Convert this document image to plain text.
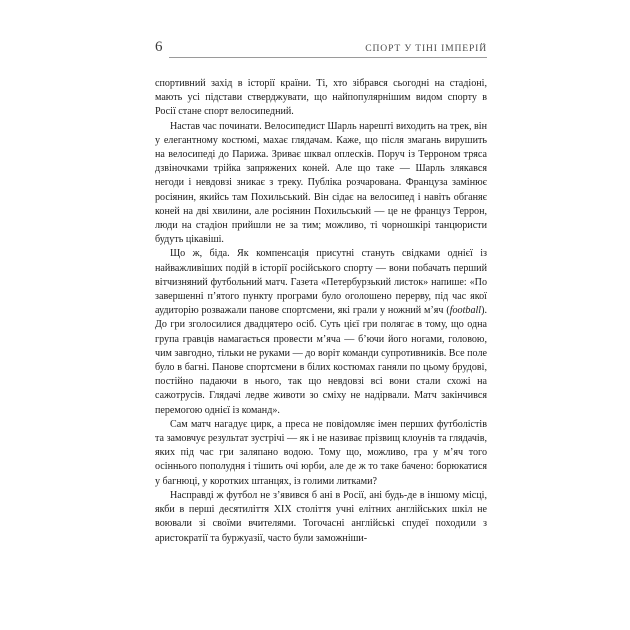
6	СПОРТ У ТІНІ ІМПЕРІЙ

спортивний захід в історії країни. Ті, хто зібрався сьогодні на стадіоні, мають усі підстави стверджувати, що найпопулярнішим видом спорту в Росії стане спорт велосипедний.

Настав час починати. Велосипедист Шарль нарешті виходить на трек, він у елегантному костюмі, махає глядачам. Каже, що після змагань вирушить на велосипеді до Парижа. Зриває шквал оплесків. Поруч із Терроном тряса дзвіночками трійка запряжених коней. Але що таке — Шарль злякався негоди і невдовзі зникає з треку. Публіка розчарована. Француза замінює росіянин, якийсь там Похильський. Він сідає на велосипед і навіть обганяє коней на дві хвилини, але росіянин Похильський — це не француз Террон, люди на стадіон прийшли не за тим; можливо, ті чорношкірі танцюристи будуть цікавіші.

Що ж, біда. Як компенсація присутні стануть свідками однієї із найважливіших подій в історії російського спорту — вони побачать перший вітчизняний футбольний матч. Газета «Петербурзький листок» напише: «По завершенні п’ятого пункту програми було оголошено перерву, під час якої аудиторію розважали панове спортсмени, які грали у ножний м’яч (football). До гри зголосилися двадцятеро осіб. Суть цієї гри полягає в тому, що одна група гравців намагається провести м’яча — б’ючи його ногами, головою, чим завгодно, тільки не руками — до воріт команди супротивників. Все поле було в багні. Панове спортсмени в білих костюмах ганяли по цьому брудові, постійно падаючи в нього, так що невдовзі всі вони стали схожі на сажотрусів. Глядачі ледве животи зо сміху не надірвали. Матч закінчився перемогою однієї із команд».

Сам матч нагадує цирк, а преса не повідомляє імен перших футболістів та замовчує результат зустрічі — як і не називає прізвищ клоунів та глядачів, яких під час гри заляпано водою. Тому що, можливо, гра у м’яч того осіннього пополудня і тішить очі юрби, але де ж то таке бачено: борюкатися у багнюці, у коротких штанцях, із голими литками?

Насправді ж футбол не з’явився б ані в Росії, ані будь-де в іншому місці, якби в перші десятиліття XIX століття учні елітних англійських шкіл не воювали зі своїми вчителями. Тогочасні англійські спудеї походили з аристократії та буржуазії, часто були заможніши-
